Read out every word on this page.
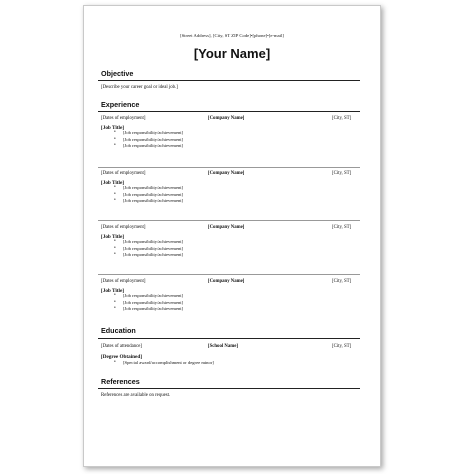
[Street Address], [City, ST ZIP Code]•[phone]•[e-mail]
[Your Name]
Objective
[Describe your career goal or ideal job.]
Experience
[Dates of employment]	[Company Name]	[City, ST]
[Job Title]
• [Job responsibility/achievement]
• [Job responsibility/achievement]
• [Job responsibility/achievement]
[Dates of employment]	[Company Name]	[City, ST]
[Job Title]
• [Job responsibility/achievement]
• [Job responsibility/achievement]
• [Job responsibility/achievement]
[Dates of employment]	[Company Name]	[City, ST]
[Job Title]
• [Job responsibility/achievement]
• [Job responsibility/achievement]
• [Job responsibility/achievement]
[Dates of employment]	[Company Name]	[City, ST]
[Job Title]
• [Job responsibility/achievement]
• [Job responsibility/achievement]
• [Job responsibility/achievement]
Education
[Dates of attendance]	[School Name]	[City, ST]
[Degree Obtained]
• [Special award/accomplishment or degree minor]
References
References are available on request.
